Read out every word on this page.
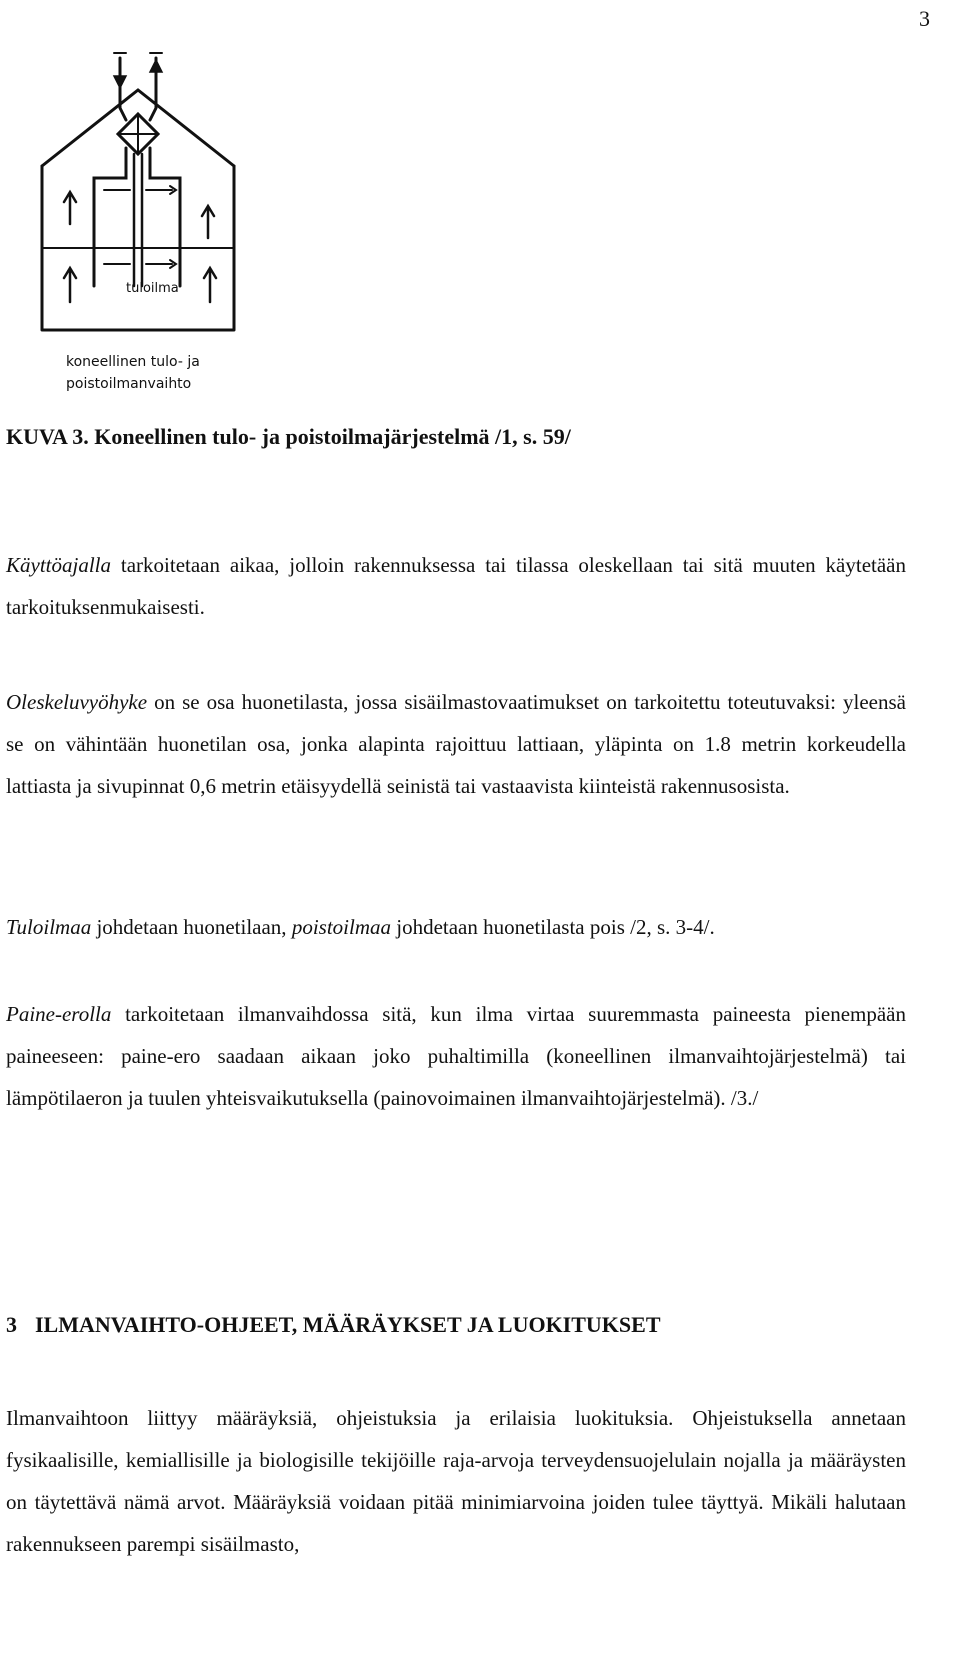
3
tuloilma
koneellinen tulo- ja
poistoilmanvaihto
KUVA 3. Koneellinen tulo- ja poistoilmajärjestelmä /1, s. 59/

Käyttöajalla tarkoitetaan aikaa, jolloin rakennuksessa tai tilassa oleskellaan tai sitä muuten käytetään tarkoituksenmukaisesti.

Oleskeluvyöhyke on se osa huonetilasta, jossa sisäilmastovaatimukset on tarkoitettu toteutuvaksi: yleensä se on vähintään huonetilan osa, jonka alapinta rajoittuu lattiaan, yläpinta on 1.8 metrin korkeudella lattiasta ja sivupinnat 0,6 metrin etäisyydellä seinistä tai vastaavista kiinteistä rakennusosista.

Tuloilmaa johdetaan huonetilaan, poistoilmaa johdetaan huonetilasta pois /2, s. 3-4/.

Paine-erolla tarkoitetaan ilmanvaihdossa sitä, kun ilma virtaa suuremmasta paineesta pienempään paineeseen: paine-ero saadaan aikaan joko puhaltimilla (koneellinen ilmanvaihtojärjestelmä) tai lämpötilaeron ja tuulen yhteisvaikutuksella (painovoimainen ilmanvaihtojärjestelmä). /3./

3 ILMANVAIHTO-OHJEET, MÄÄRÄYKSET JA LUOKITUKSET

Ilmanvaihtoon liittyy määräyksiä, ohjeistuksia ja erilaisia luokituksia. Ohjeistuksella annetaan fysikaalisille, kemiallisille ja biologisille tekijöille raja-arvoja terveydensuojelulain nojalla ja määräysten on täytettävä nämä arvot. Määräyksiä voidaan pitää minimiarvoina joiden tulee täyttyä. Mikäli halutaan rakennukseen parempi sisäilmasto,
